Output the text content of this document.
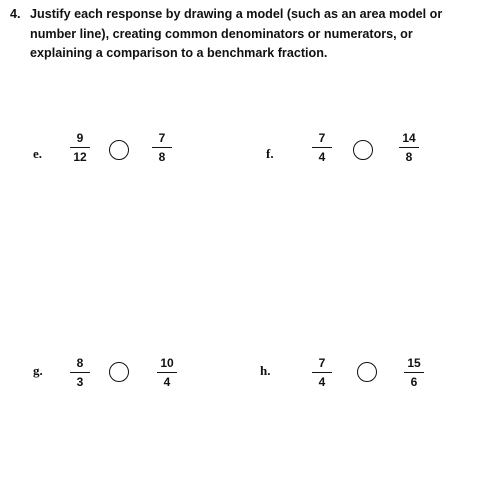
4. Justify each response by drawing a model (such as an area model or
number line), creating common denominators or numerators, or
explaining a comparison to a benchmark fraction.
e.
9
12
7
8	f.
7
4
14
8
g.	8
3
10
4
h.	7
4
15
6
